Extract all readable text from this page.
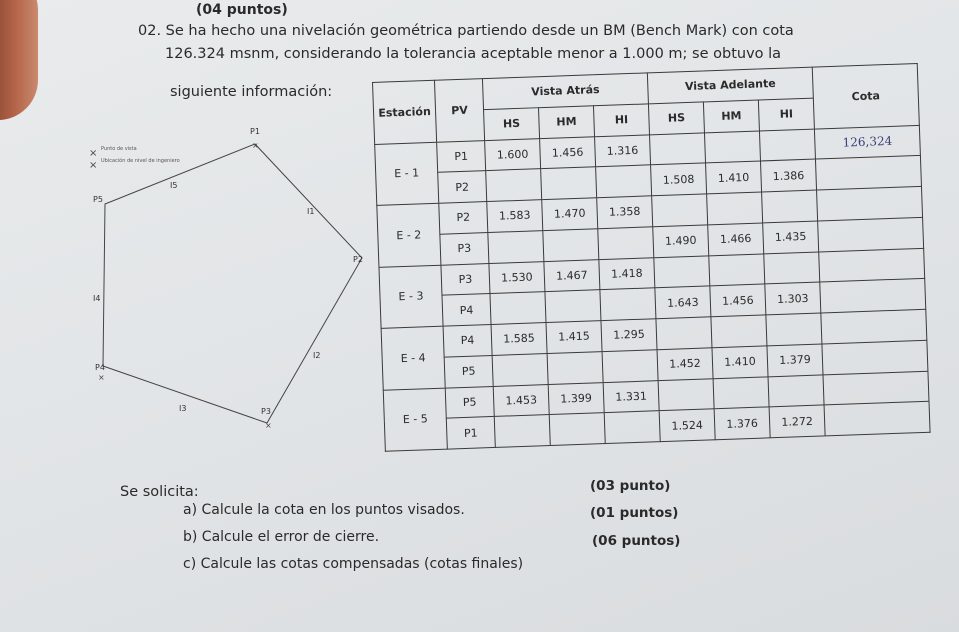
(04 puntos)
02. Se ha hecho una nivelación geométrica partiendo desde un BM (Bench Mark) con cota
126.324 msnm, considerando la tolerancia aceptable menor a 1.000 m; se obtuvo la
siguiente información:
× Punto de vista
× Ubicación de nivel de ingeniero
P1
×
P5
P4
×
P3
×
P2
I5
I1
I2
I3
I4
Estación	PV	Vista Atrás			Vista Adelante			Cota
		HS	HM	HI	HS	HM	HI	
E - 1	P1	1.600	1.456	1.316				126,324
	P2				1.508	1.410	1.386	
E - 2	P2	1.583	1.470	1.358				
	P3				1.490	1.466	1.435	
E - 3	P3	1.530	1.467	1.418				
	P4				1.643	1.456	1.303	
E - 4	P4	1.585	1.415	1.295				
	P5				1.452	1.410	1.379	
E - 5	P5	1.453	1.399	1.331				
	P1				1.524	1.376	1.272	
Se solicita:
a) Calcule la cota en los puntos visados.
b) Calcule el error de cierre.
c) Calcule las cotas compensadas (cotas finales)
(03 punto)
(01 puntos)
(06 puntos)
